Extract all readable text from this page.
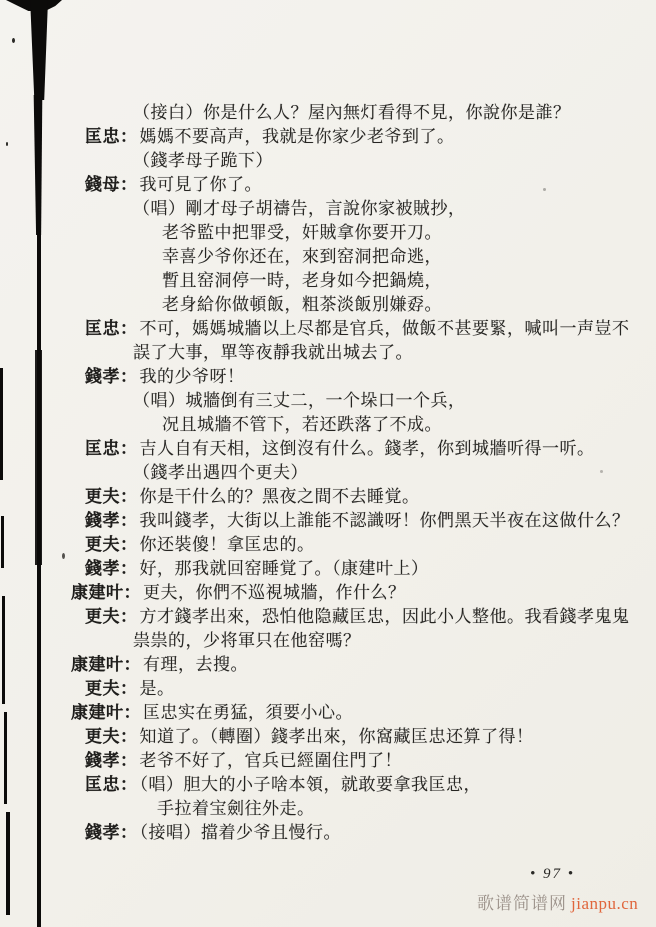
（接白）你是什么人？屋內無灯看得不見，你說你是誰？
匡忠： 媽媽不要高声，我就是你家少老爷到了。
（錢孝母子跪下）
錢母： 我可見了你了。
（唱）剛才母子胡禱告，言說你家被賊抄，
老爷監中把罪受，奸賊拿你要开刀。
幸喜少爷你还在，來到窑洞把命逃，
暫且窑洞停一時，老身如今把鍋燒，
老身給你做頓飯，粗茶淡飯別嫌孬。
匡忠： 不可，媽媽城牆以上尽都是官兵，做飯不甚要緊，喊叫一声豈不
誤了大事，單等夜靜我就出城去了。
錢孝： 我的少爷呀！
（唱）城牆倒有三丈二，一个垛口一个兵，
况且城牆不管下，若还跌落了不成。
匡忠： 吉人自有天相，这倒沒有什么。錢孝，你到城牆听得一听。
（錢孝出遇四个更夫）
更夫： 你是干什么的？黑夜之間不去睡覚。
錢孝： 我叫錢孝，大街以上誰能不認識呀！你們黑天半夜在这做什么？
更夫： 你还裝傻！拿匡忠的。
錢孝： 好，那我就回窑睡覚了。（康建叶上）
康建叶： 更夫，你們不巡視城牆，作什么？
更夫： 方才錢孝出來，恐怕他隐藏匡忠，因此小人整他。我看錢孝鬼鬼
祟祟的，少将軍只在他窑嗎？
康建叶： 有理，去搜。
更夫： 是。
康建叶： 匡忠实在勇猛，須要小心。
更夫： 知道了。（轉圈）錢孝出來，你窩藏匡忠还算了得！
錢孝： 老爷不好了，官兵已經圍住門了！
匡忠： （唱）胆大的小子啥本領，就敢要拿我匡忠，
手拉着宝劍往外走。
錢孝： （接唱）擋着少爷且慢行。
• 97 •
歌谱简谱网 jianpu.cn
